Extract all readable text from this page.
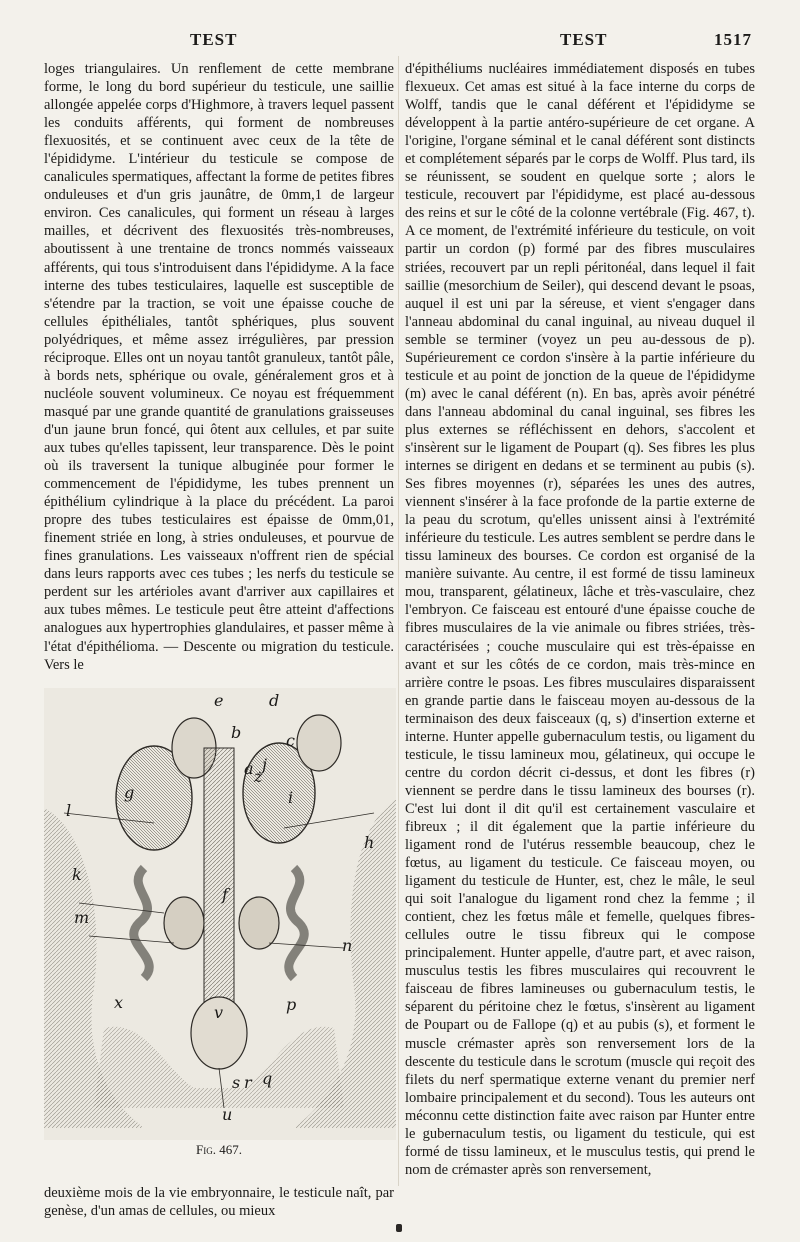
TEST	TEST	1517

loges triangulaires. Un renflement de cette membrane forme, le long du bord supérieur du testicule, une saillie allongée appelée corps d'Highmore, à travers lequel passent les conduits afférents, qui forment de nombreuses flexuosités, et se continuent avec ceux de la tête de l'épididyme. L'intérieur du testicule se compose de canalicules spermatiques, affectant la forme de petites fibres onduleuses et d'un gris jaunâtre, de 0mm,1 de largeur environ. Ces canalicules, qui forment un réseau à larges mailles, et décrivent des flexuosités très-nombreuses, aboutissent à une trentaine de troncs nommés vaisseaux afférents, qui tous s'introduisent dans l'épididyme. A la face interne des tubes testiculaires, laquelle est susceptible de s'étendre par la traction, se voit une épaisse couche de cellules épithéliales, tantôt sphériques, plus souvent polyédriques, et même assez irrégulières, par pression réciproque. Elles ont un noyau tantôt granuleux, tantôt pâle, à bords nets, sphérique ou ovale, généralement gros et à nucléole souvent volumineux. Ce noyau est fréquemment masqué par une grande quantité de granulations graisseuses d'un jaune brun foncé, qui ôtent aux cellules, et par suite aux tubes qu'elles tapissent, leur transparence. Dès le point où ils traversent la tunique albuginée pour former le commencement de l'épididyme, les tubes prennent un épithélium cylindrique à la place du précédent. La paroi propre des tubes testiculaires est épaisse de 0mm,01, finement striée en long, à stries onduleuses, et pourvue de fines granulations. Les vaisseaux n'offrent rien de spécial dans leurs rapports avec ces tubes ; les nerfs du testicule se perdent sur les artérioles avant d'arriver aux capillaires et aux tubes mêmes. Le testicule peut être atteint d'affections analogues aux hypertrophies glandulaires, et passer même à l'état d'épithélioma. — Descente ou migration du testicule. Vers le

e	d
b	c
a z
j
g	i
f
h
k
m
l
n
v
x	p
s r q
u
Fig. 467.

deuxième mois de la vie embryonnaire, le testicule naît, par genèse, d'un amas de cellules, ou mieux

d'épithéliums nucléaires immédiatement disposés en tubes flexueux. Cet amas est situé à la face interne du corps de Wolff, tandis que le canal déférent et l'épididyme se développent à la partie antéro-supérieure de cet organe. A l'origine, l'organe séminal et le canal déférent sont distincts et complétement séparés par le corps de Wolff. Plus tard, ils se réunissent, se soudent en quelque sorte ; alors le testicule, recouvert par l'épididyme, est placé au-dessous des reins et sur le côté de la colonne vertébrale (Fig. 467, t). A ce moment, de l'extrémité inférieure du testicule, on voit partir un cordon (p) formé par des fibres musculaires striées, recouvert par un repli péritonéal, dans lequel il fait saillie (mesorchium de Seiler), qui descend devant le psoas, auquel il est uni par la séreuse, et vient s'engager dans l'anneau abdominal du canal inguinal, au niveau duquel il semble se terminer (voyez un peu au-dessous de p). Supérieurement ce cordon s'insère à la partie inférieure du testicule et au point de jonction de la queue de l'épididyme (m) avec le canal déférent (n). En bas, après avoir pénétré dans l'anneau abdominal du canal inguinal, ses fibres les plus externes se réfléchissent en dehors, s'accolent et s'insèrent sur le ligament de Poupart (q). Ses fibres les plus internes se dirigent en dedans et se terminent au pubis (s). Ses fibres moyennes (r), séparées les unes des autres, viennent s'insérer à la face profonde de la partie externe de la peau du scrotum, qu'elles unissent ainsi à l'extrémité inférieure du testicule. Les autres semblent se perdre dans le tissu lamineux des bourses. Ce cordon est organisé de la manière suivante. Au centre, il est formé de tissu lamineux mou, transparent, gélatineux, lâche et très-vasculaire, chez l'embryon. Ce faisceau est entouré d'une épaisse couche de fibres musculaires de la vie animale ou fibres striées, très-caractérisées ; couche musculaire qui est très-épaisse en avant et sur les côtés de ce cordon, mais très-mince en arrière contre le psoas. Les fibres musculaires disparaissent en grande partie dans le faisceau moyen au-dessous de la terminaison des deux faisceaux (q, s) d'insertion externe et interne. Hunter appelle gubernaculum testis, ou ligament du testicule, le tissu lamineux mou, gélatineux, qui occupe le centre du cordon décrit ci-dessus, et dont les fibres (r) viennent se perdre dans le tissu lamineux des bourses (r). C'est lui dont il dit qu'il est certainement vasculaire et fibreux ; il dit également que la partie inférieure du ligament rond de l'utérus ressemble beaucoup, chez le fœtus, au ligament du testicule. Ce faisceau moyen, ou ligament du testicule de Hunter, est, chez le mâle, le seul qui soit l'analogue du ligament rond chez la femme ; il contient, chez les fœtus mâle et femelle, quelques fibres-cellules outre le tissu fibreux qui le compose principalement. Hunter appelle, d'autre part, et avec raison, musculus testis les fibres musculaires qui recouvrent le faisceau de fibres lamineuses ou gubernaculum testis, le séparent du péritoine chez le fœtus, s'insèrent au ligament de Poupart ou de Fallope (q) et au pubis (s), et forment le muscle crémaster après son renversement lors de la descente du testicule dans le scrotum (muscle qui reçoit des filets du nerf spermatique externe venant du premier nerf lombaire principalement et du second). Tous les auteurs ont méconnu cette distinction faite avec raison par Hunter entre le gubernaculum testis, ou ligament du testicule, qui est formé de tissu lamineux, et le musculus testis, qui prend le nom de crémaster après son renversement,
